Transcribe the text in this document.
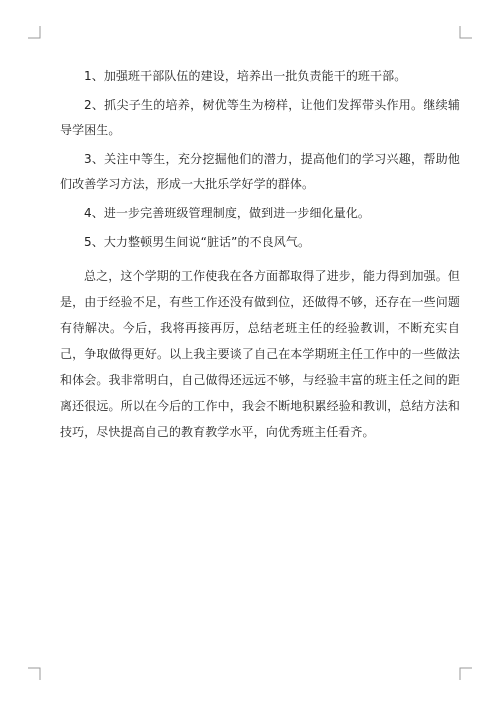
1、加强班干部队伍的建设，培养出一批负责能干的班干部。

2、抓尖子生的培养，树优等生为榜样，让他们发挥带头作用。继续辅导学困生。

3、关注中等生，充分挖掘他们的潜力，提高他们的学习兴趣，帮助他们改善学习方法，形成一大批乐学好学的群体。

4、进一步完善班级管理制度，做到进一步细化量化。

5、大力整顿男生间说“脏话”的不良风气。

总之，这个学期的工作使我在各方面都取得了进步，能力得到加强。但是，由于经验不足，有些工作还没有做到位，还做得不够，还存在一些问题有待解决。今后，我将再接再厉，总结老班主任的经验教训，不断充实自己，争取做得更好。以上我主要谈了自己在本学期班主任工作中的一些做法和体会。我非常明白，自己做得还远远不够，与经验丰富的班主任之间的距离还很远。所以在今后的工作中，我会不断地积累经验和教训，总结方法和技巧，尽快提高自己的教育教学水平，向优秀班主任看齐。
